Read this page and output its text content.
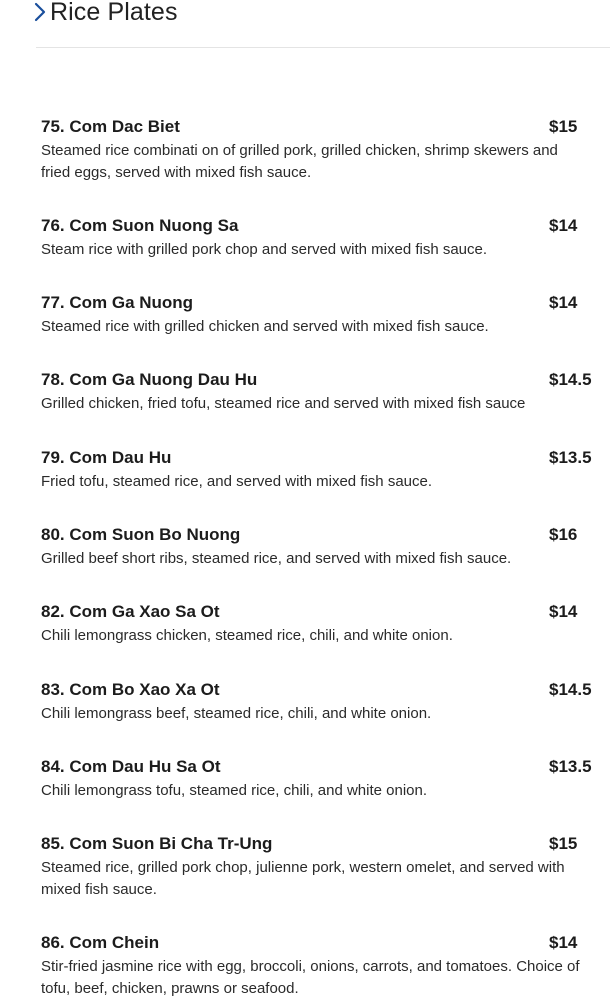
Rice Plates
75. Com Dac Biet	$15
Steamed rice combinati on of grilled pork, grilled chicken, shrimp skewers and fried eggs, served with mixed fish sauce.
76. Com Suon Nuong Sa	$14
Steam rice with grilled pork chop and served with mixed fish sauce.
77. Com Ga Nuong	$14
Steamed rice with grilled chicken and served with mixed fish sauce.
78. Com Ga Nuong Dau Hu	$14.5
Grilled chicken, fried tofu, steamed rice and served with mixed fish sauce
79. Com Dau Hu	$13.5
Fried tofu, steamed rice, and served with mixed fish sauce.
80. Com Suon Bo Nuong	$16
Grilled beef short ribs, steamed rice, and served with mixed fish sauce.
82. Com Ga Xao Sa Ot	$14
Chili lemongrass chicken, steamed rice, chili, and white onion.
83. Com Bo Xao Xa Ot	$14.5
Chili lemongrass beef, steamed rice, chili, and white onion.
84. Com Dau Hu Sa Ot	$13.5
Chili lemongrass tofu, steamed rice, chili, and white onion.
85. Com Suon Bi Cha Tr-Ung	$15
Steamed rice, grilled pork chop, julienne pork, western omelet, and served with mixed fish sauce.
86. Com Chein	$14
Stir-fried jasmine rice with egg, broccoli, onions, carrots, and tomatoes. Choice of tofu, beef, chicken, prawns or seafood.
